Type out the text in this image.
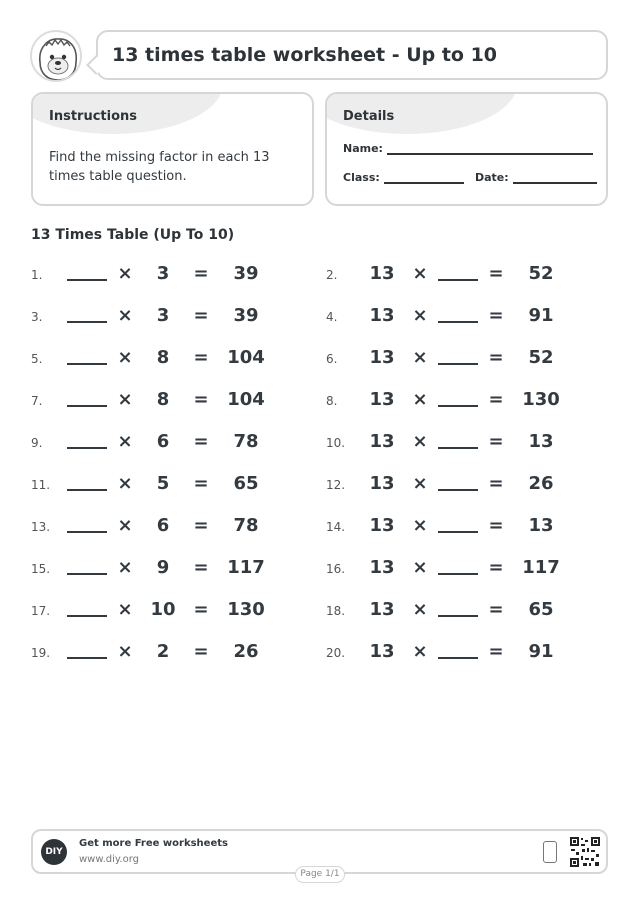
13 times table worksheet - Up to 10
Instructions
Find the missing factor in each 13 times table question.
Details
Name:
Class:	Date:
13 Times Table (Up To 10)
1.	×	3	=	39	2.	13 ×	=	52
3.	×	3	=	39	4.	13 ×	=	91
5.	×	8	=	104	6.	13 ×	=	52
7.	×	8	=	104	8.	13 ×	=	130
9.	×	6	=	78	10.	13 ×	=	13
11.	×	5	=	65	12.	13 ×	=	26
13.	×	6	=	78	14.	13 ×	=	13
15.	×	9	=	117	16.	13 ×	=	117
17.	× 10 =	130	18.	13 ×	=	65
19.	×	2	=	26	20.	13 ×	=	91
DIY
Get more Free worksheets
www.diy.org
Page 1/1
